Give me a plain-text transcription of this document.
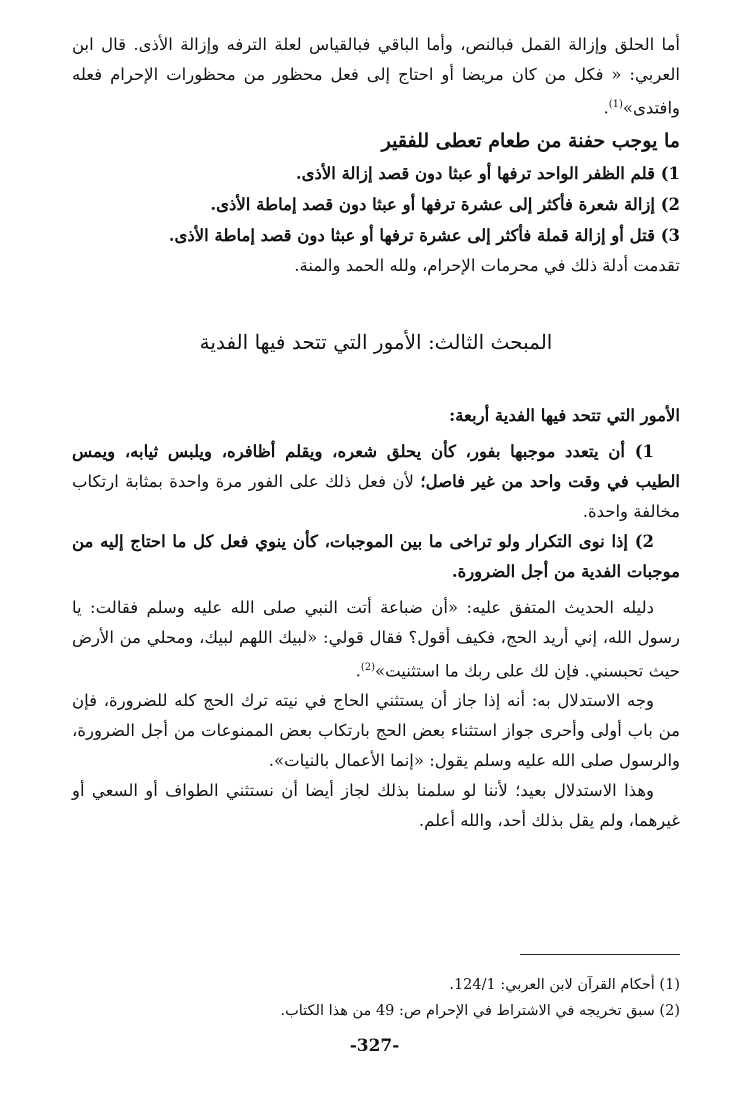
أما الحلق وإزالة القمل فبالنص، وأما الباقي فبالقياس لعلة الترفه وإزالة الأذى. قال ابن العربي: « فكل من كان مريضا أو احتاج إلى فعل محظور من محظورات الإحرام فعله وافتدى»$^{(1)}$.

ما يوجب حفنة من طعام تعطى للفقير

1) قلم الظفر الواحد ترفها أو عبثا دون قصد إزالة الأذى.

2) إزالة شعرة فأكثر إلى عشرة ترفها أو عبثا دون قصد إماطة الأذى.

3) قتل أو إزالة قملة فأكثر إلى عشرة ترفها أو عبثا دون قصد إماطة الأذى.

تقدمت أدلة ذلك في محرمات الإحرام، ولله الحمد والمنة.

المبحث الثالث: الأمور التي تتحد فيها الفدية

الأمور التي تتحد فيها الفدية أربعة:

1) أن يتعدد موجبها بفور، كأن يحلق شعره، ويقلم أظافره، ويلبس ثيابه، ويمس الطيب في وقت واحد من غير فاصل؛ لأن فعل ذلك على الفور مرة واحدة بمثابة ارتكاب مخالفة واحدة.

2) إذا نوى التكرار ولو تراخى ما بين الموجبات، كأن ينوي فعل كل ما احتاج إليه من موجبات الفدية من أجل الضرورة.

دليله الحديث المتفق عليه: «أن ضباعة أتت النبي صلى الله عليه وسلم فقالت: يا رسول الله، إني أريد الحج، فكيف أقول؟ فقال قولي: «لبيك اللهم لبيك، ومحلي من الأرض حيث تحبسني. فإن لك على ربك ما استثنيت»$^{(2)}$.

وجه الاستدلال به: أنه إذا جاز أن يستثني الحاج في نيته ترك الحج كله للضرورة، فإن من باب أولى وأحرى جواز استثناء بعض الحج بارتكاب بعض الممنوعات من أجل الضرورة، والرسول صلى الله عليه وسلم يقول: «إنما الأعمال بالنيات».

وهذا الاستدلال بعيد؛ لأننا لو سلمنا بذلك لجاز أيضا أن نستثني الطواف أو السعي أو غيرهما، ولم يقل بذلك أحد، والله أعلم.

(1) أحكام القرآن لابن العربي: 124/1.

(2) سبق تخريجه في الاشتراط في الإحرام ص: 49 من هذا الكتاب.

-327-
